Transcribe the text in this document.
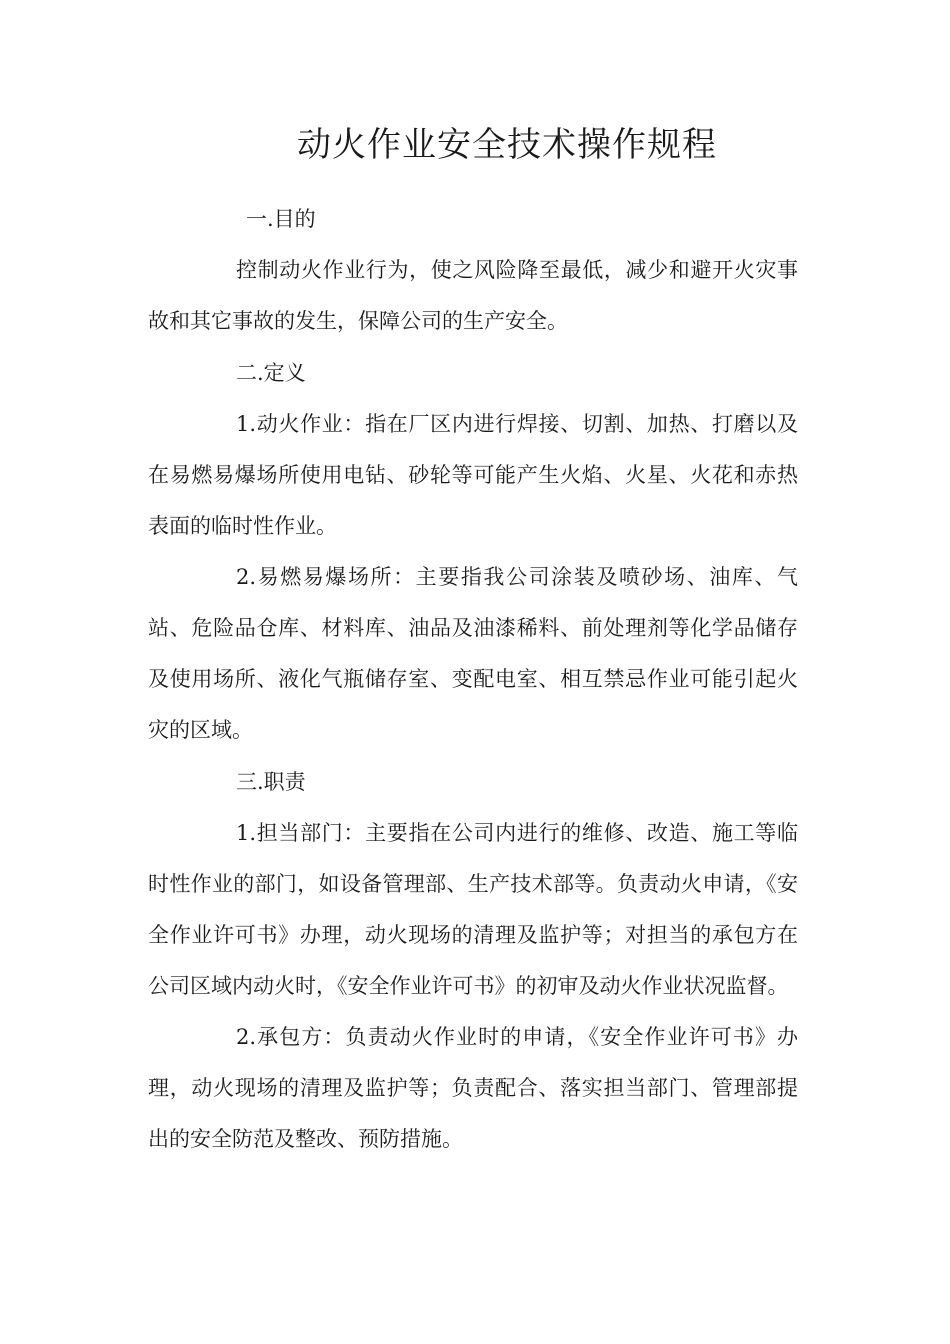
动火作业安全技术操作规程

一.目的

控制动火作业行为，使之风险降至最低，减少和避开火灾事故和其它事故的发生，保障公司的生产安全。

二.定义

1.动火作业：指在厂区内进行焊接、切割、加热、打磨以及在易燃易爆场所使用电钻、砂轮等可能产生火焰、火星、火花和赤热表面的临时性作业。

2.易燃易爆场所：主要指我公司涂装及喷砂场、油库、气站、危险品仓库、材料库、油品及油漆稀料、前处理剂等化学品储存及使用场所、液化气瓶储存室、变配电室、相互禁忌作业可能引起火灾的区域。

三.职责

1.担当部门：主要指在公司内进行的维修、改造、施工等临时性作业的部门，如设备管理部、生产技术部等。负责动火申请，《安全作业许可书》办理，动火现场的清理及监护等；对担当的承包方在公司区域内动火时，《安全作业许可书》的初审及动火作业状况监督。

2.承包方：负责动火作业时的申请，《安全作业许可书》办理，动火现场的清理及监护等；负责配合、落实担当部门、管理部提出的安全防范及整改、预防措施。
